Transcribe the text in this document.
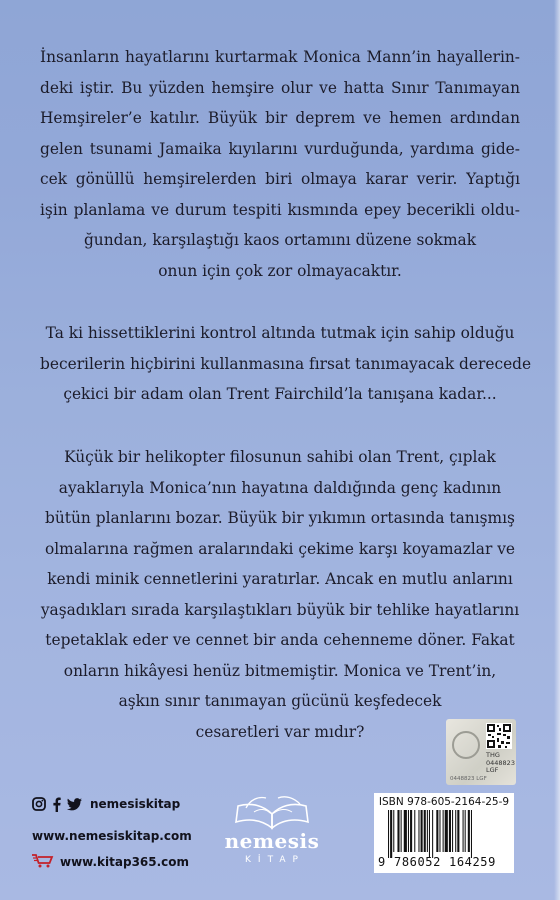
İnsanların hayatlarını kurtarmak Monica Mann’in hayallerin-
deki iştir. Bu yüzden hemşire olur ve hatta Sınır Tanımayan
Hemşireler’e katılır. Büyük bir deprem ve hemen ardından
gelen tsunami Jamaika kıyılarını vurduğunda, yardıma gide-
cek gönüllü hemşirelerden biri olmaya karar verir. Yaptığı
işin planlama ve durum tespiti kısmında epey becerikli oldu-
ğundan, karşılaştığı kaos ortamını düzene sokmak
onun için çok zor olmayacaktır.
Ta ki hissettiklerini kontrol altında tutmak için sahip olduğu
becerilerin hiçbirini kullanmasına fırsat tanımayacak derecede
çekici bir adam olan Trent Fairchild’la tanışana kadar...
Küçük bir helikopter filosunun sahibi olan Trent, çıplak
ayaklarıyla Monica’nın hayatına daldığında genç kadının
bütün planlarını bozar. Büyük bir yıkımın ortasında tanışmış
olmalarına rağmen aralarındaki çekime karşı koyamazlar ve
kendi minik cennetlerini yaratırlar. Ancak en mutlu anlarını
yaşadıkları sırada karşılaştıkları büyük bir tehlike hayatlarını
tepetaklak eder ve cennet bir anda cehenneme döner. Fakat
onların hikâyesi henüz bitmemiştir. Monica ve Trent’in,
aşkın sınır tanımayan gücünü keşfedecek
cesaretleri var mıdır?
nemesiskitap
www.nemesiskitap.com
www.kitap365.com
nemesis
KİTAP
THG
0448823
LGF
0448823 LGF
ISBN 978-605-2164-25-9
9 786052 164259
